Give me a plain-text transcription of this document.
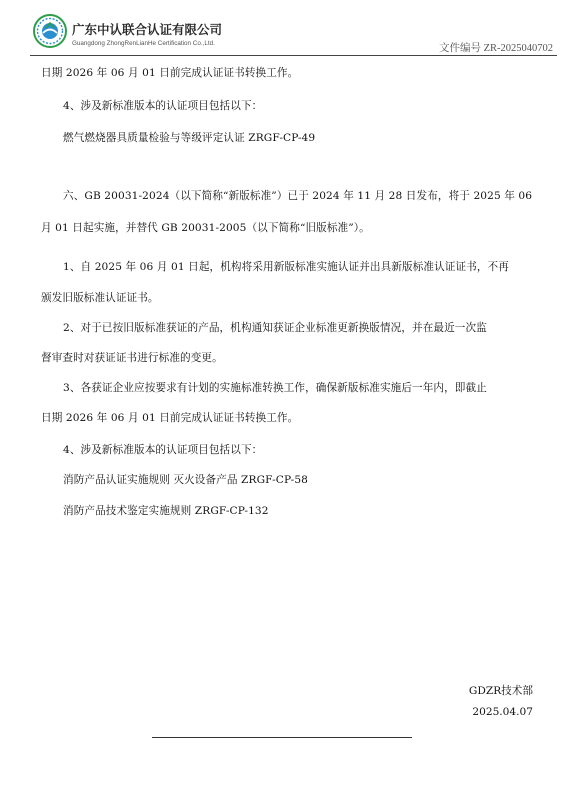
广东中认联合认证有限公司
Guangdong ZhongRenLianHe Certification Co.,Ltd.	文件编号 ZR-2025040702
日期 2026 年 06 月 01 日前完成认证证书转换工作。
4、涉及新标准版本的认证项目包括以下：
燃气燃烧器具质量检验与等级评定认证 ZRGF-CP-49
六、GB 20031-2024（以下简称“新版标准”）已于 2024 年 11 月 28 日发布，将于 2025 年 06
月 01 日起实施，并替代 GB 20031-2005（以下简称“旧版标准”）。
1、自 2025 年 06 月 01 日起，机构将采用新版标准实施认证并出具新版标准认证证书，不再
颁发旧版标准认证证书。
2、对于已按旧版标准获证的产品，机构通知获证企业标准更新换版情况，并在最近一次监
督审查时对获证证书进行标准的变更。
3、各获证企业应按要求有计划的实施标准转换工作，确保新版标准实施后一年内，即截止
日期 2026 年 06 月 01 日前完成认证证书转换工作。
4、涉及新标准版本的认证项目包括以下：
消防产品认证实施规则 灭火设备产品 ZRGF-CP-58
消防产品技术鉴定实施规则 ZRGF-CP-132
GDZR技术部
2025.04.07
